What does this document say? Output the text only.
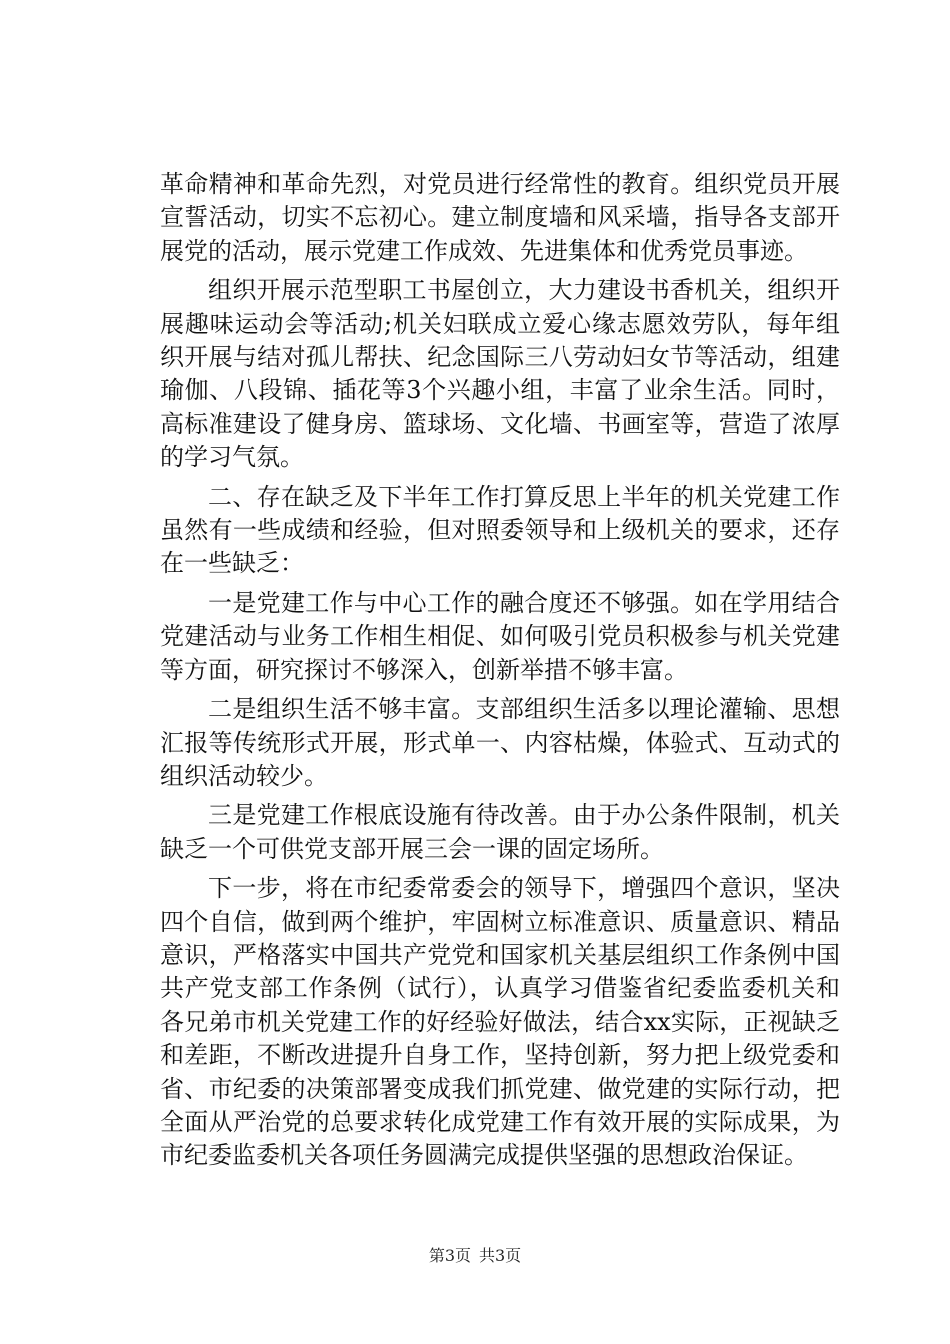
革命精神和革命先烈，对党员进行经常性的教育。组织党员开展宣誓活动，切实不忘初心。建立制度墙和风采墙，指导各支部开展党的活动，展示党建工作成效、先进集体和优秀党员事迹。

组织开展示范型职工书屋创立，大力建设书香机关，组织开展趣味运动会等活动;机关妇联成立爱心缘志愿效劳队，每年组织开展与结对孤儿帮扶、纪念国际三八劳动妇女节等活动，组建瑜伽、八段锦、插花等3个兴趣小组，丰富了业余生活。同时，高标准建设了健身房、篮球场、文化墙、书画室等，营造了浓厚的学习气氛。

二、存在缺乏及下半年工作打算反思上半年的机关党建工作虽然有一些成绩和经验，但对照委领导和上级机关的要求，还存在一些缺乏：

一是党建工作与中心工作的融合度还不够强。如在学用结合党建活动与业务工作相生相促、如何吸引党员积极参与机关党建等方面，研究探讨不够深入，创新举措不够丰富。

二是组织生活不够丰富。支部组织生活多以理论灌输、思想汇报等传统形式开展，形式单一、内容枯燥，体验式、互动式的组织活动较少。

三是党建工作根底设施有待改善。由于办公条件限制，机关缺乏一个可供党支部开展三会一课的固定场所。

下一步，将在市纪委常委会的领导下，增强四个意识，坚决四个自信，做到两个维护，牢固树立标准意识、质量意识、精品意识，严格落实中国共产党党和国家机关基层组织工作条例中国共产党支部工作条例（试行），认真学习借鉴省纪委监委机关和各兄弟市机关党建工作的好经验好做法，结合xx实际，正视缺乏和差距，不断改进提升自身工作，坚持创新，努力把上级党委和省、市纪委的决策部署变成我们抓党建、做党建的实际行动，把全面从严治党的总要求转化成党建工作有效开展的实际成果，为市纪委监委机关各项任务圆满完成提供坚强的思想政治保证。

第3页 共3页
